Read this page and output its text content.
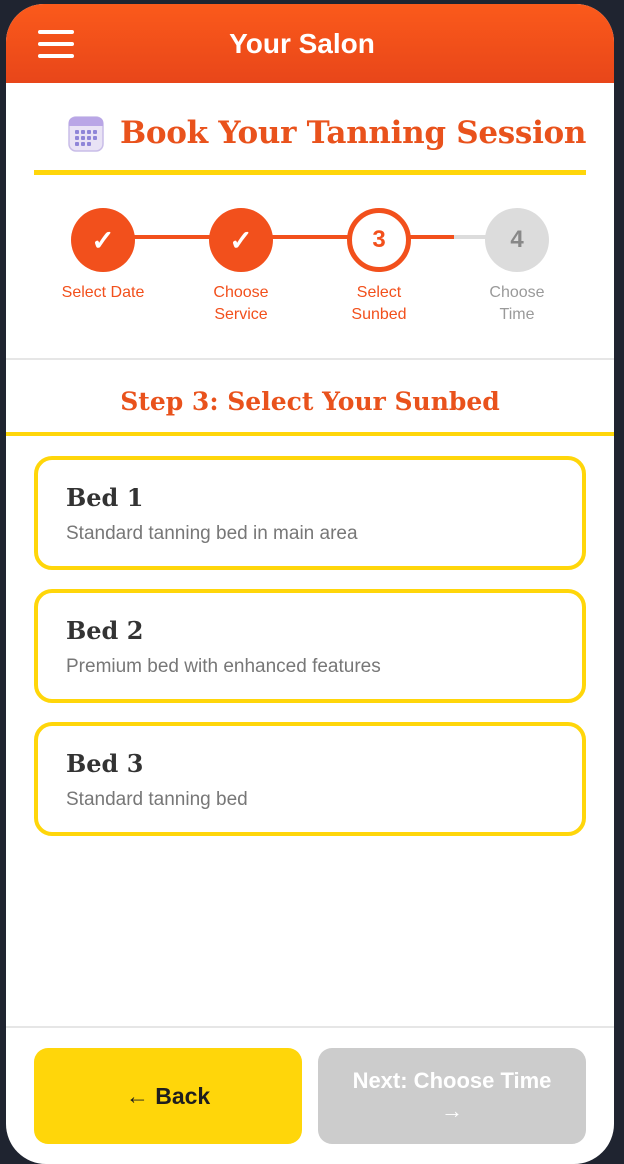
Your Salon
Book Your Tanning Session
✓
Select Date
✓
Choose
Service
3
Select
Sunbed
4
Choose
Time
Step 3: Select Your Sunbed
Bed 1
Standard tanning bed in main area
Bed 2
Premium bed with enhanced features
Bed 3
Standard tanning bed
← Back
Next: Choose Time
→
